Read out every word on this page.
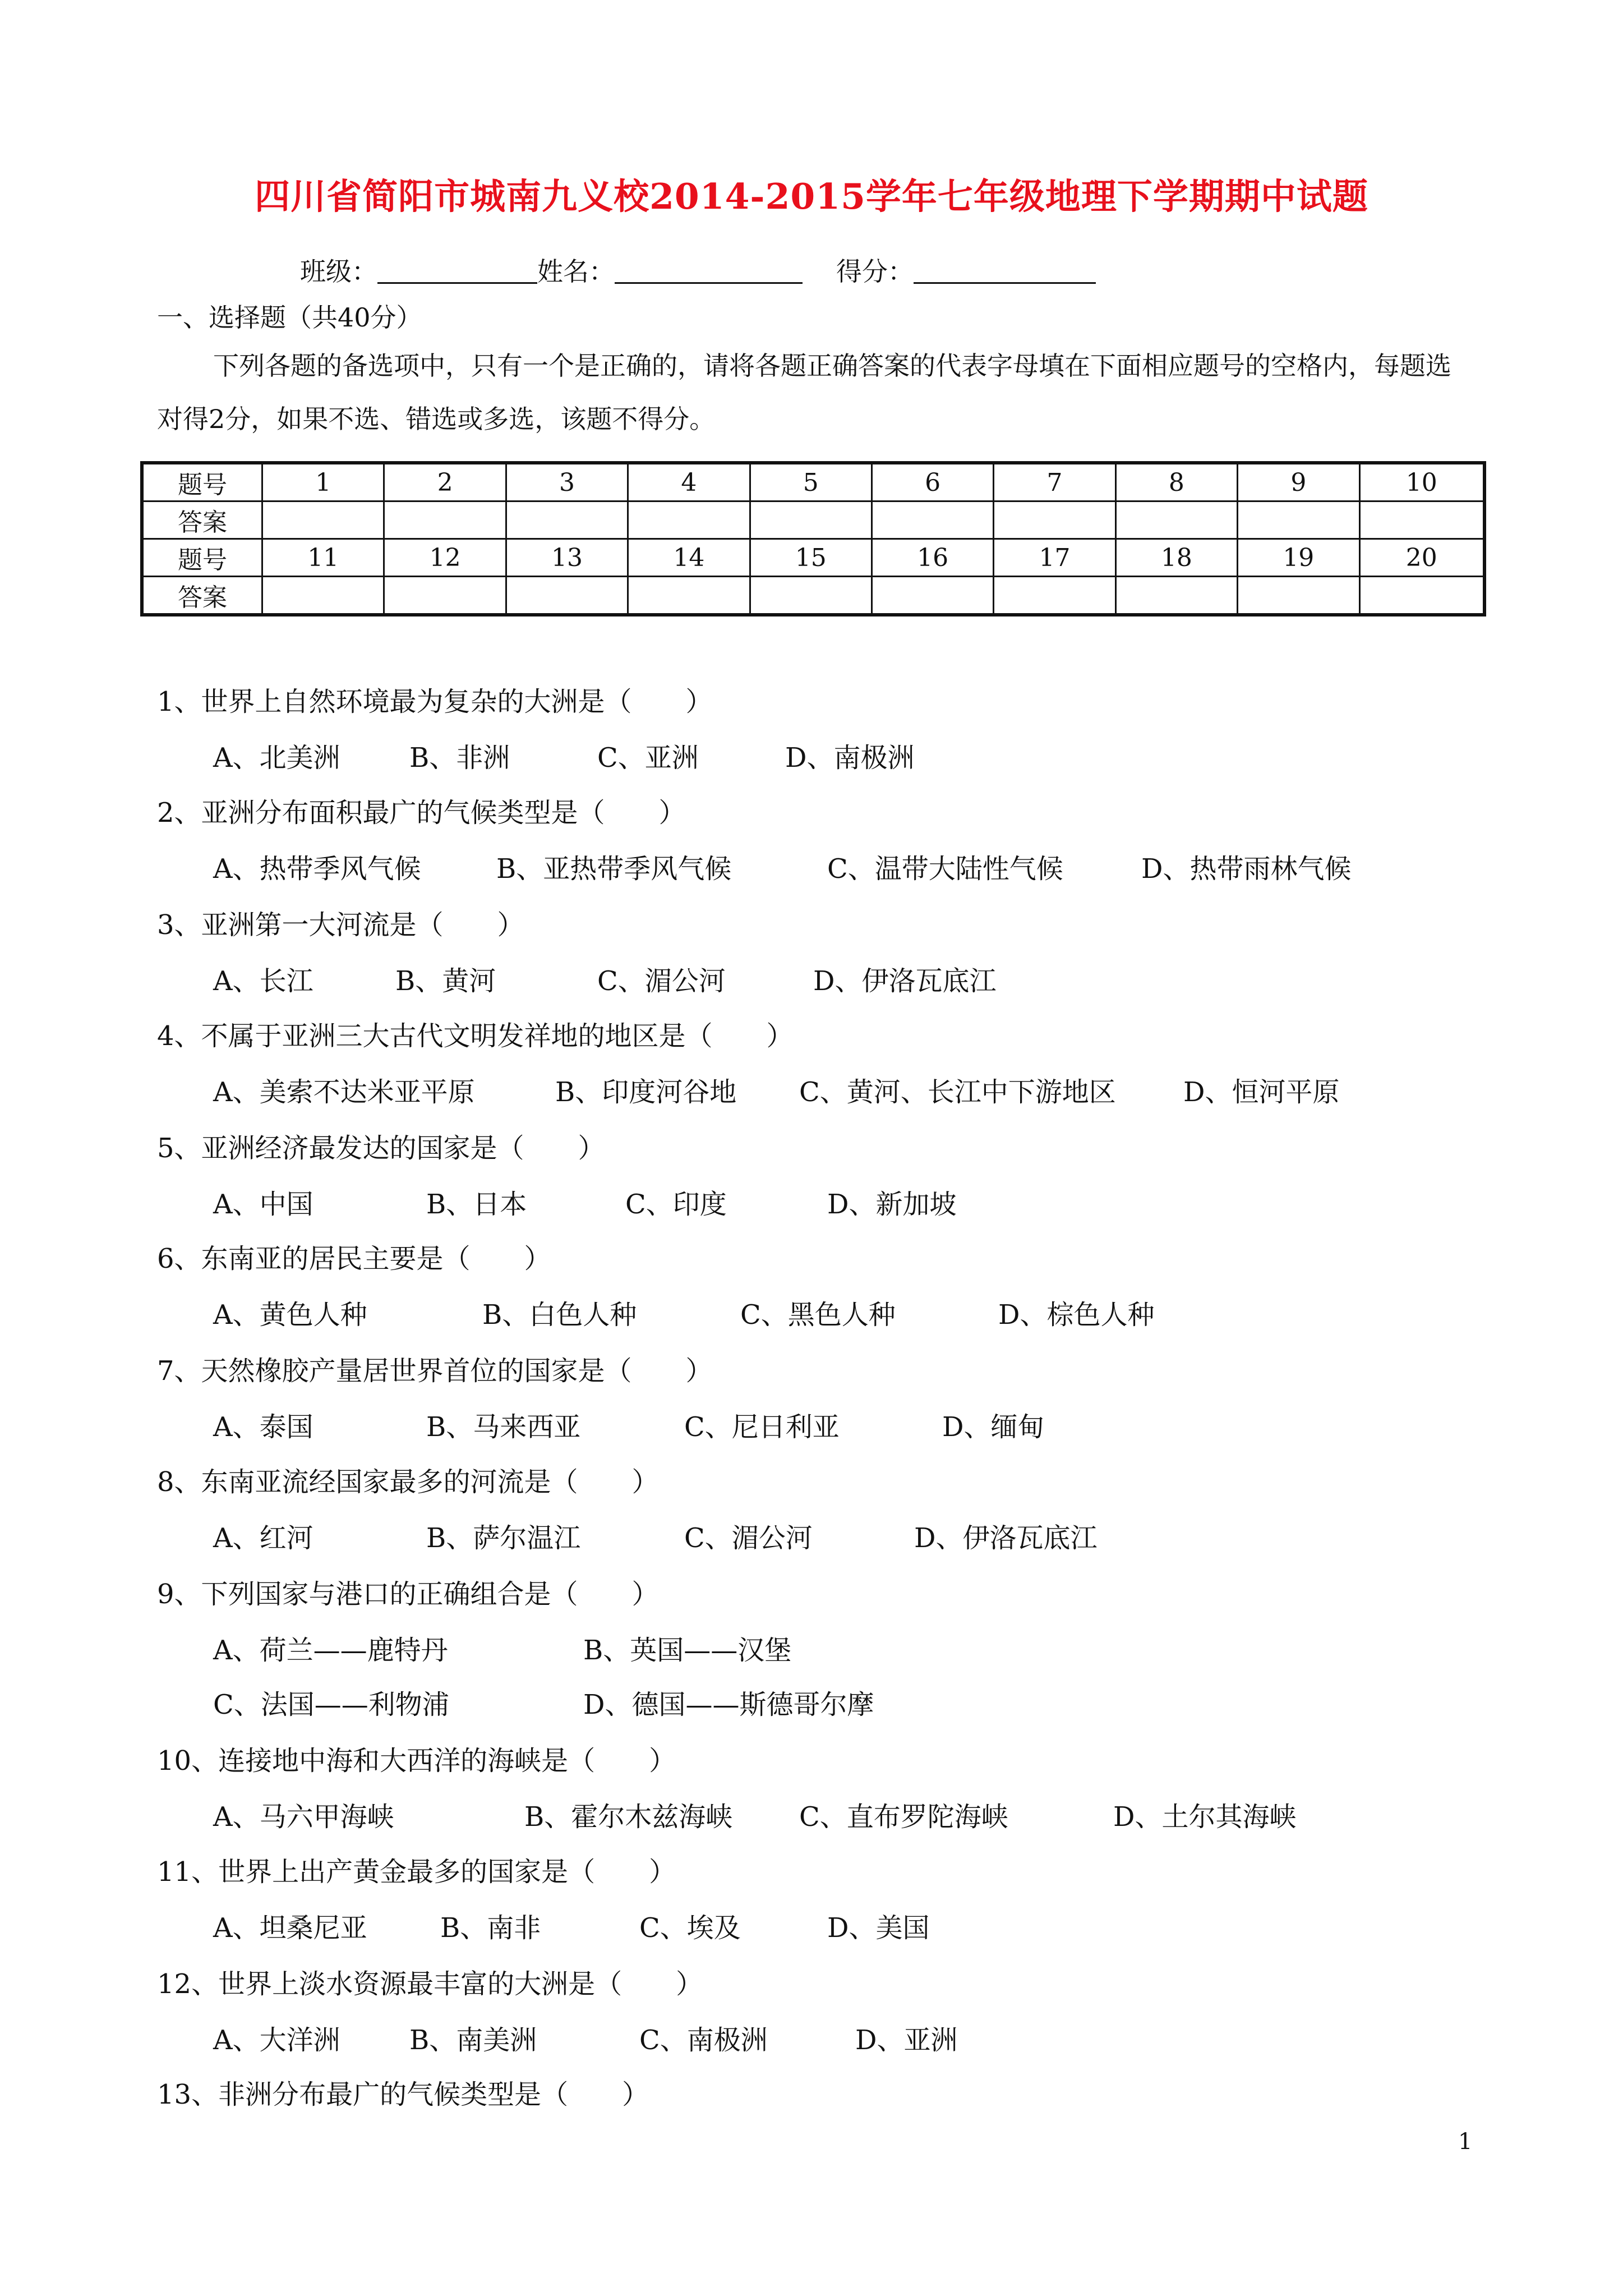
四川省简阳市城南九义校2014-2015学年七年级地理下学期期中试题
班级：	姓名：	得分：
一、选择题（共40分）
下列各题的备选项中，只有一个是正确的，请将各题正确答案的代表字母填在下面相应题号的空格内，每题选对得2分，如果不选、错选或多选，该题不得分。
题号	1	2	3	4	5	6	7	8	9	10
答案										
题号	11	12	13	14	15	16	17	18	19	20
答案										
1、世界上自然环境最为复杂的大洲是（　　）
A、北美洲	B、非洲	C、亚洲	D、南极洲
2、亚洲分布面积最广的气候类型是（　　）
A、热带季风气候	B、亚热带季风气候	C、温带大陆性气候	D、热带雨林气候
3、亚洲第一大河流是（　　）
A、长江	B、黄河	C、湄公河	D、伊洛瓦底江
4、不属于亚洲三大古代文明发祥地的地区是（　　）
A、美索不达米亚平原	B、印度河谷地 C、黄河、长江中下游地区	D、恒河平原
5、亚洲经济最发达的国家是（　　）
A、中国	B、日本	C、印度	D、新加坡
6、东南亚的居民主要是（　　）
A、黄色人种	B、白色人种	C、黑色人种	D、棕色人种
7、天然橡胶产量居世界首位的国家是（　　）
A、泰国	B、马来西亚	C、尼日利亚	D、缅甸
8、东南亚流经国家最多的河流是（　　）
A、红河	B、萨尔温江	C、湄公河	D、伊洛瓦底江
9、下列国家与港口的正确组合是（　　）
A、荷兰——鹿特丹	B、英国——汉堡
C、法国——利物浦	D、德国——斯德哥尔摩
10、连接地中海和大西洋的海峡是（　　）
A、马六甲海峡	B、霍尔木兹海峡 C、直布罗陀海峡	D、土尔其海峡
11、世界上出产黄金最多的国家是（　　）
A、坦桑尼亚	B、南非	C、埃及	D、美国
12、世界上淡水资源最丰富的大洲是（　　）
A、大洋洲	B、南美洲	C、南极洲	D、亚洲
13、非洲分布最广的气候类型是（　　）
1
